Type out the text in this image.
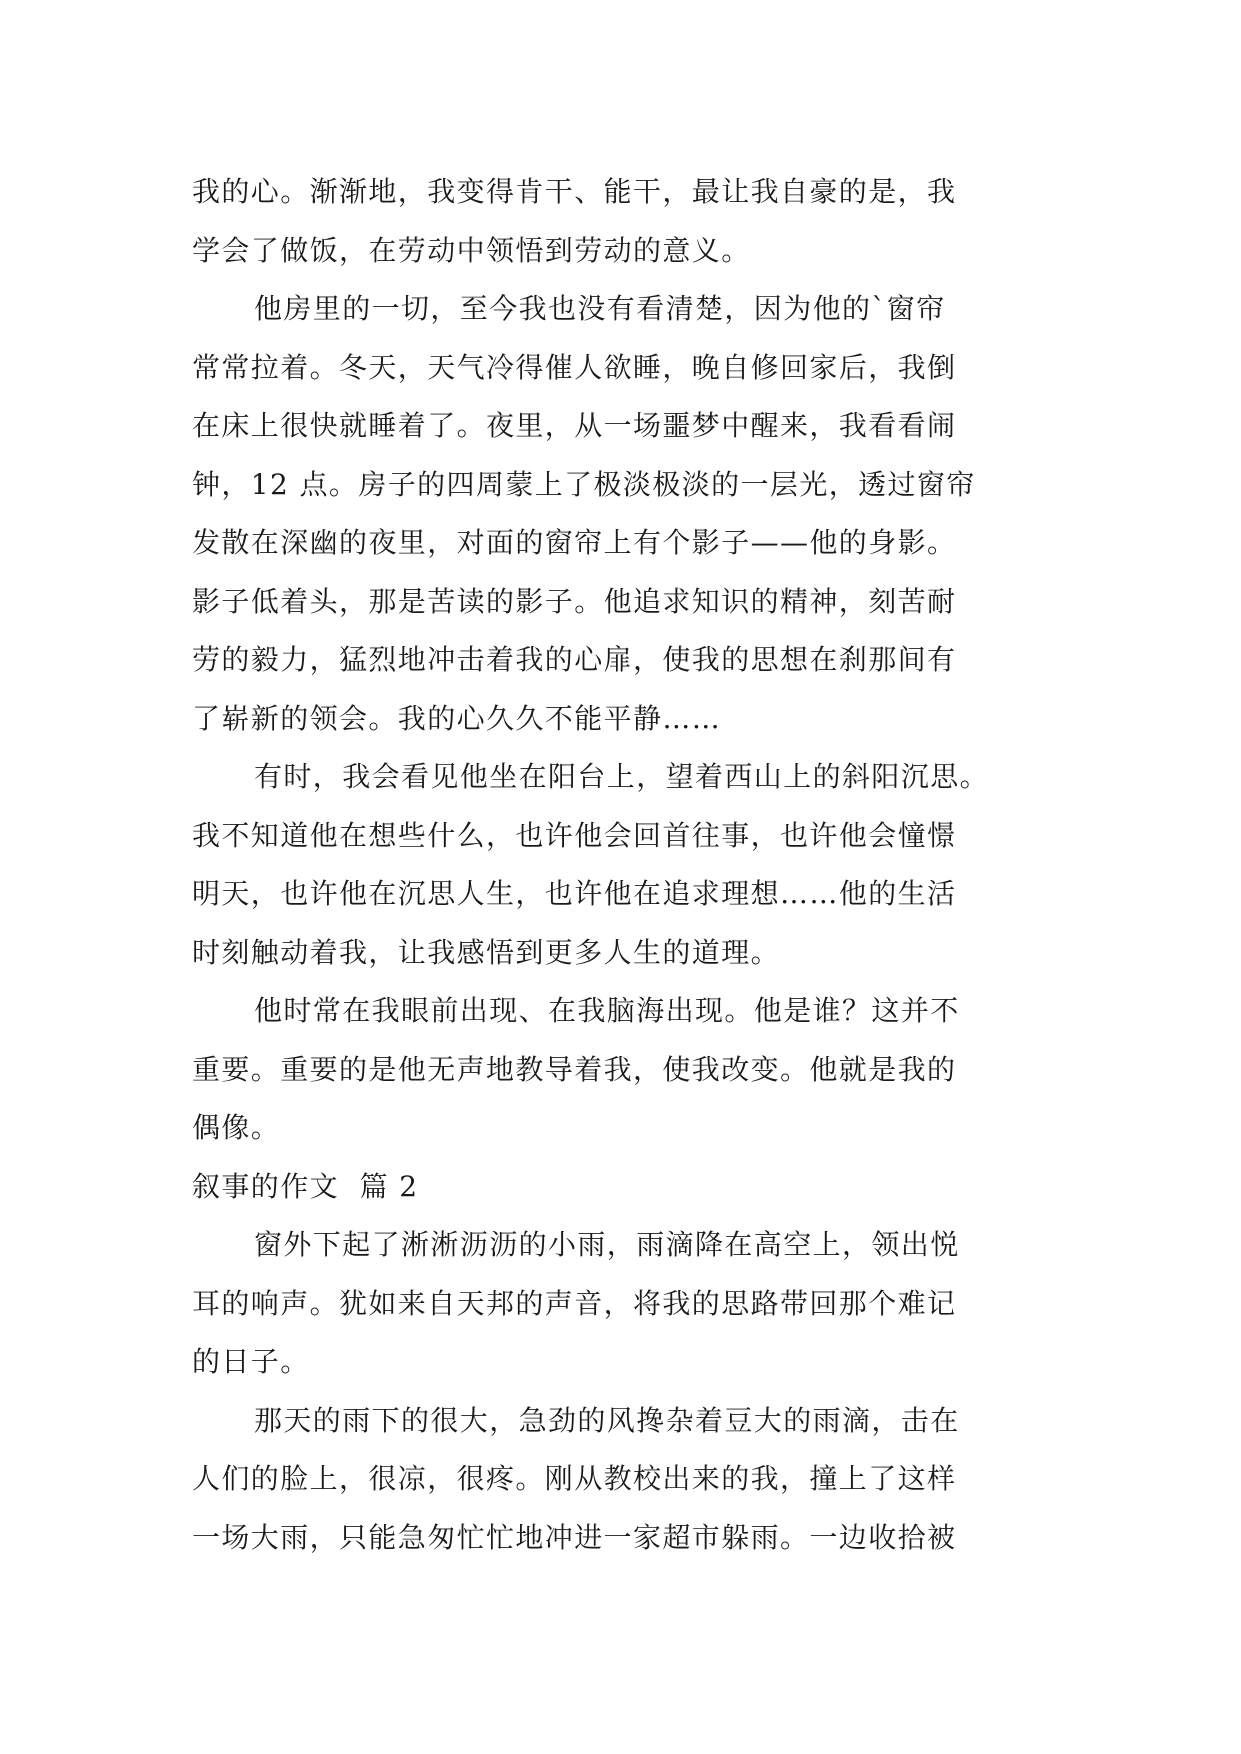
我的心。渐渐地，我变得肯干、能干，最让我自豪的是，我
学会了做饭，在劳动中领悟到劳动的意义。
他房里的一切，至今我也没有看清楚，因为他的`窗帘
常常拉着。冬天，天气冷得催人欲睡，晚自修回家后，我倒
在床上很快就睡着了。夜里，从一场噩梦中醒来，我看看闹
钟，12 点。房子的四周蒙上了极淡极淡的一层光，透过窗帘
发散在深幽的夜里，对面的窗帘上有个影子——他的身影。
影子低着头，那是苦读的影子。他追求知识的精神，刻苦耐
劳的毅力，猛烈地冲击着我的心扉，使我的思想在刹那间有
了崭新的领会。我的心久久不能平静……
有时，我会看见他坐在阳台上，望着西山上的斜阳沉思。
我不知道他在想些什么，也许他会回首往事，也许他会憧憬
明天，也许他在沉思人生，也许他在追求理想……他的生活
时刻触动着我，让我感悟到更多人生的道理。
他时常在我眼前出现、在我脑海出现。他是谁？这并不
重要。重要的是他无声地教导着我，使我改变。他就是我的
偶像。
叙事的作文  篇 2
窗外下起了淅淅沥沥的小雨，雨滴降在高空上，领出悦
耳的响声。犹如来自天邦的声音，将我的思路带回那个难记
的日子。
那天的雨下的很大，急劲的风搀杂着豆大的雨滴，击在
人们的脸上，很凉，很疼。刚从教校出来的我，撞上了这样
一场大雨，只能急匆忙忙地冲进一家超市躲雨。一边收拾被
